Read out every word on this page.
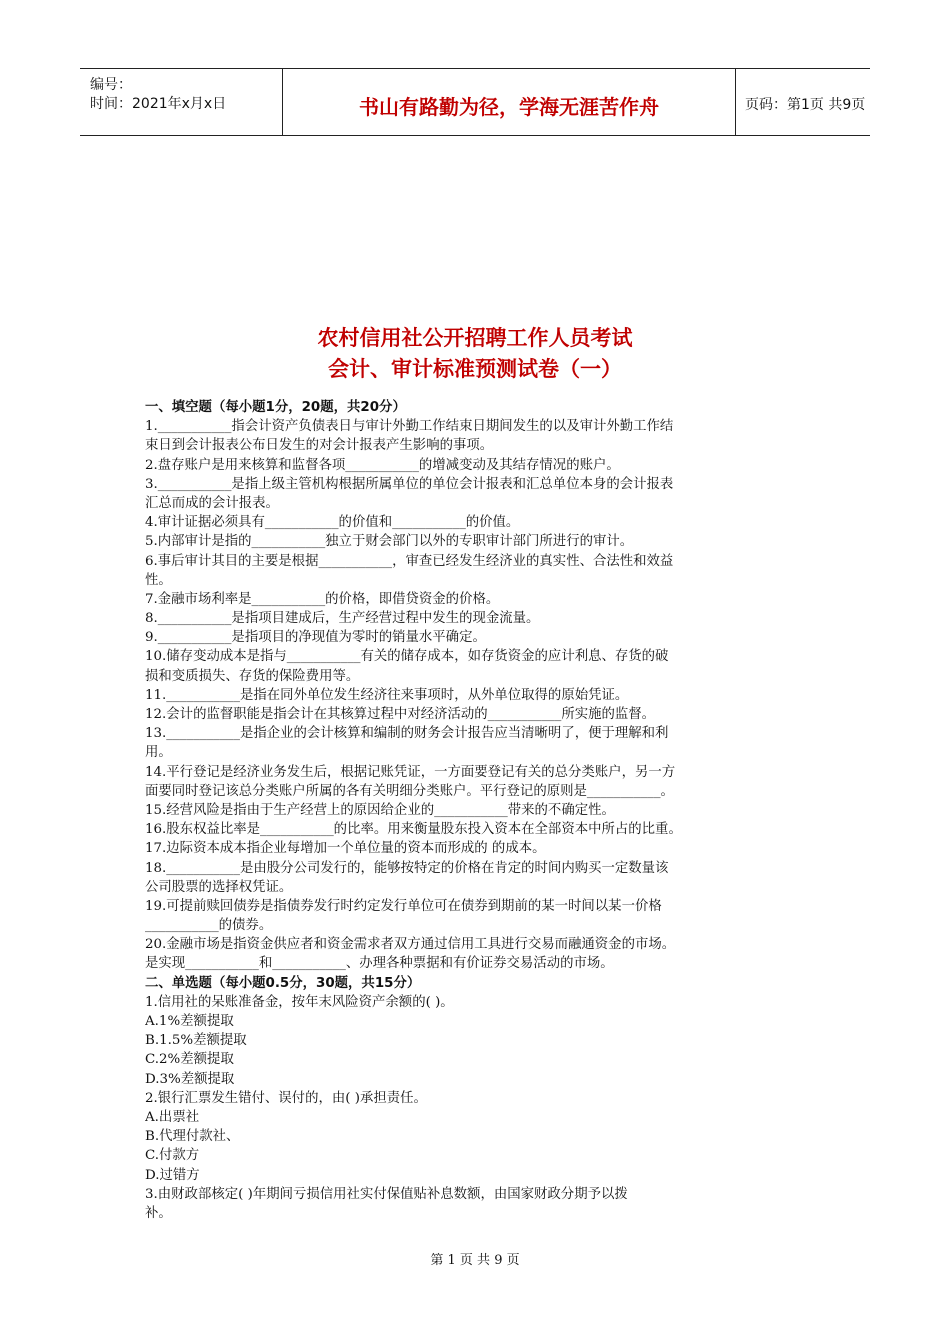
编号：
时间：2021年x月x日	书山有路勤为径，学海无涯苦作舟	页码：第1页 共9页
农村信用社公开招聘工作人员考试
会计、审计标准预测试卷（一）
一、填空题（每小题1分，20题，共20分）
1.___________指会计资产负债表日与审计外勤工作结束日期间发生的以及审计外勤工作结
束日到会计报表公布日发生的对会计报表产生影响的事项。
2.盘存账户是用来核算和监督各项___________的增减变动及其结存情况的账户。
3.___________是指上级主管机构根据所属单位的单位会计报表和汇总单位本身的会计报表
汇总而成的会计报表。
4.审计证据必须具有___________的价值和___________的价值。
5.内部审计是指的___________独立于财会部门以外的专职审计部门所进行的审计。
6.事后审计其目的主要是根据___________，审查已经发生经济业的真实性、合法性和效益
性。
7.金融市场利率是___________的价格，即借贷资金的价格。
8.___________是指项目建成后，生产经营过程中发生的现金流量。
9.___________是指项目的净现值为零时的销量水平确定。
10.储存变动成本是指与___________有关的储存成本，如存货资金的应计利息、存货的破
损和变质损失、存货的保险费用等。
11.___________是指在同外单位发生经济往来事项时，从外单位取得的原始凭证。
12.会计的监督职能是指会计在其核算过程中对经济活动的___________所实施的监督。
13.___________是指企业的会计核算和编制的财务会计报告应当清晰明了，便于理解和利
用。
14.平行登记是经济业务发生后，根据记账凭证，一方面要登记有关的总分类账户，另一方
面要同时登记该总分类账户所属的各有关明细分类账户。平行登记的原则是___________。
15.经营风险是指由于生产经营上的原因给企业的___________带来的不确定性。
16.股东权益比率是___________的比率。用来衡量股东投入资本在全部资本中所占的比重。
17.边际资本成本指企业每增加一个单位量的资本而形成的 的成本。
18.___________是由股分公司发行的，能够按特定的价格在肯定的时间内购买一定数量该
公司股票的选择权凭证。
19.可提前赎回债券是指债券发行时约定发行单位可在债券到期前的某一时间以某一价格
___________的债券。
20.金融市场是指资金供应者和资金需求者双方通过信用工具进行交易而融通资金的市场。
是实现___________和___________、办理各种票据和有价证券交易活动的市场。
二、单选题（每小题0.5分，30题，共15分）
1.信用社的呆账准备金，按年末风险资产余额的( )。
A.1%差额提取
B.1.5%差额提取
C.2%差额提取
D.3%差额提取
2.银行汇票发生错付、误付的，由( )承担责任。
A.出票社
B.代理付款社、
C.付款方
D.过错方
3.由财政部核定( )年期间亏损信用社实付保值贴补息数额，由国家财政分期予以拨
补。
第 1 页 共 9 页
